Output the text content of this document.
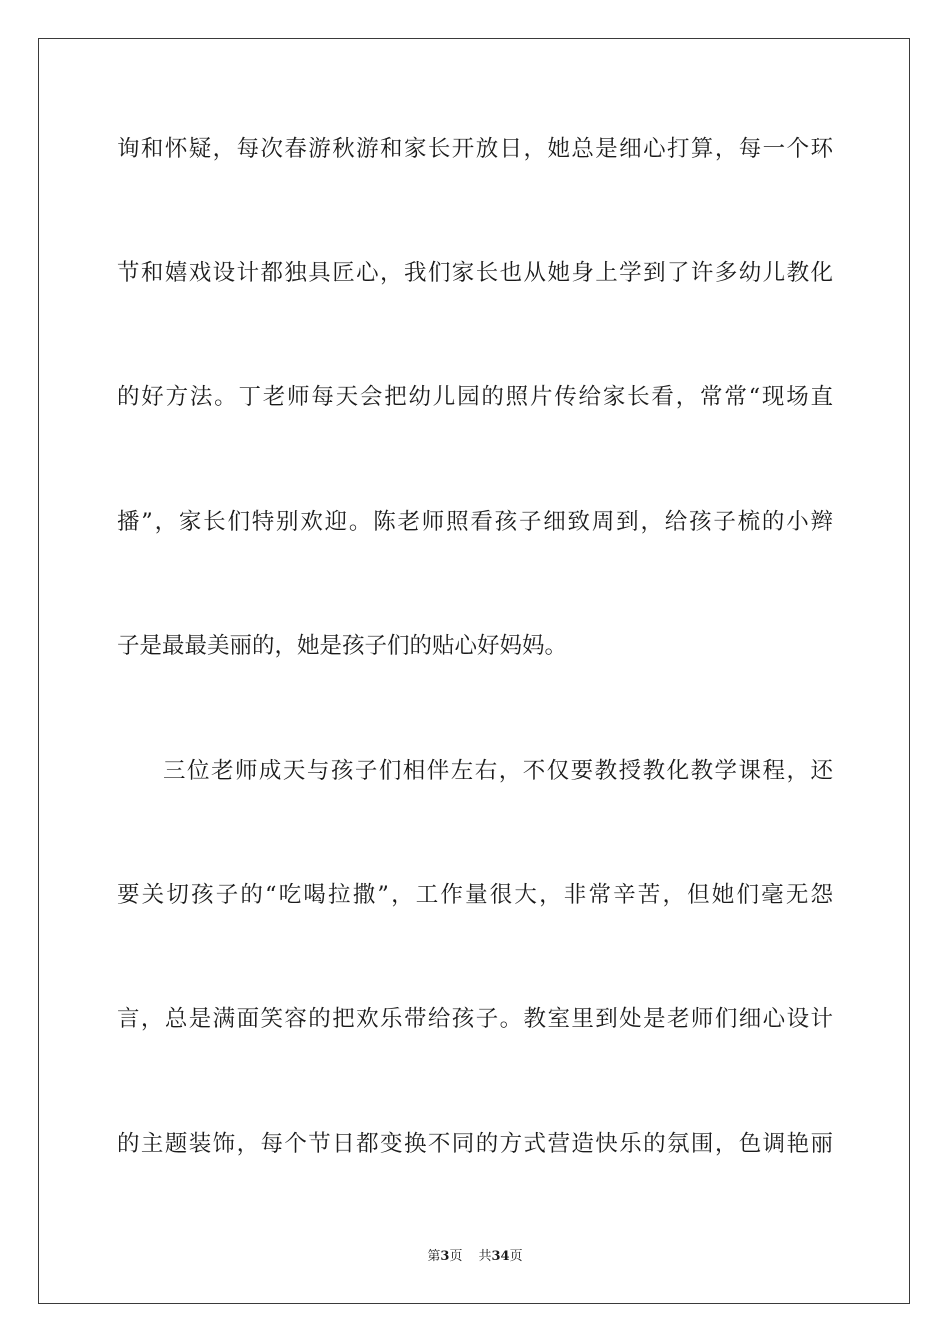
询和怀疑，每次春游秋游和家长开放日，她总是细心打算，每一个环
节和嬉戏设计都独具匠心，我们家长也从她身上学到了许多幼儿教化
的好方法。丁老师每天会把幼儿园的照片传给家长看，常常“现场直
播”，家长们特别欢迎。陈老师照看孩子细致周到，给孩子梳的小辫
子是最最美丽的，她是孩子们的贴心好妈妈。
三位老师成天与孩子们相伴左右，不仅要教授教化教学课程，还
要关切孩子的“吃喝拉撒”，工作量很大，非常辛苦，但她们毫无怨
言，总是满面笑容的把欢乐带给孩子。教室里到处是老师们细心设计
的主题装饰，每个节日都变换不同的方式营造快乐的氛围，色调艳丽
第3页 共34页
